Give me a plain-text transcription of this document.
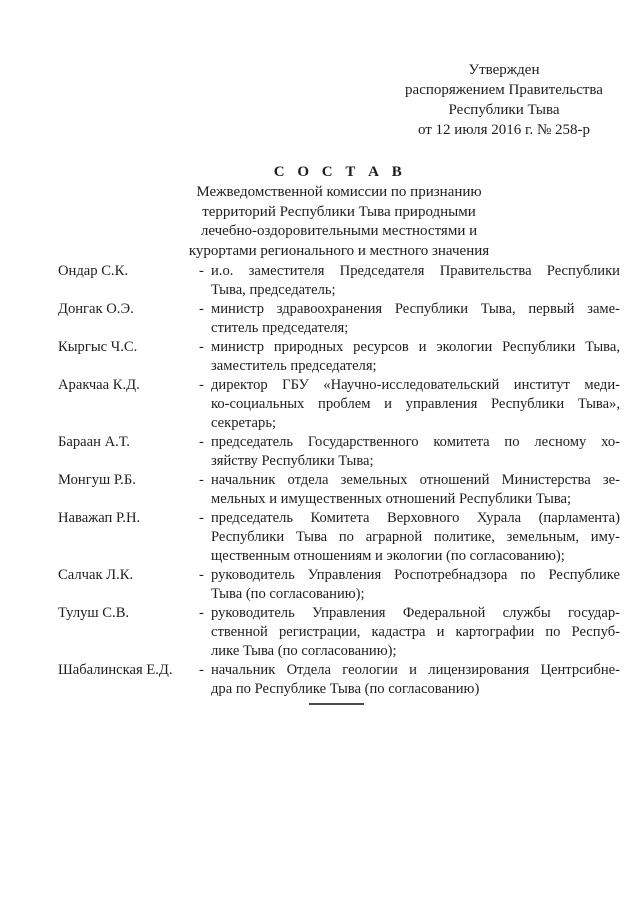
Утвержден
распоряжением Правительства
Республики Тыва
от 12 июля 2016 г. № 258-р
С О С Т А В
Межведомственной комиссии по признанию
территорий Республики Тыва природными
лечебно-оздоровительными местностями и
курортами регионального и местного значения
Ондар С.К.	- и.о. заместителя Председателя Правительства Республики
Тыва, председатель;
Донгак О.Э.	- министр здравоохранения Республики Тыва, первый заме-
ститель председателя;
Кыргыс Ч.С.	- министр природных ресурсов и экологии Республики Тыва,
заместитель председателя;
Аракчаа К.Д.	- директор ГБУ «Научно-исследовательский институт меди-
ко-социальных проблем и управления Республики Тыва»,
секретарь;
Бараан А.Т.	- председатель Государственного комитета по лесному хо-
зяйству Республики Тыва;
Монгуш Р.Б.	- начальник отдела земельных отношений Министерства зе-
мельных и имущественных отношений Республики Тыва;
Наважап Р.Н.	- председатель Комитета Верховного Хурала (парламента)
Республики Тыва по аграрной политике, земельным, иму-
щественным отношениям и экологии (по согласованию);
Салчак Л.К.	- руководитель Управления Роспотребнадзора по Республике
Тыва (по согласованию);
Тулуш С.В.	- руководитель Управления Федеральной службы государ-
ственной регистрации, кадастра и картографии по Респуб-
лике Тыва (по согласованию);
Шабалинская Е.Д.	- начальник Отдела геологии и лицензирования Центрсибне-
дра по Республике Тыва (по согласованию)
